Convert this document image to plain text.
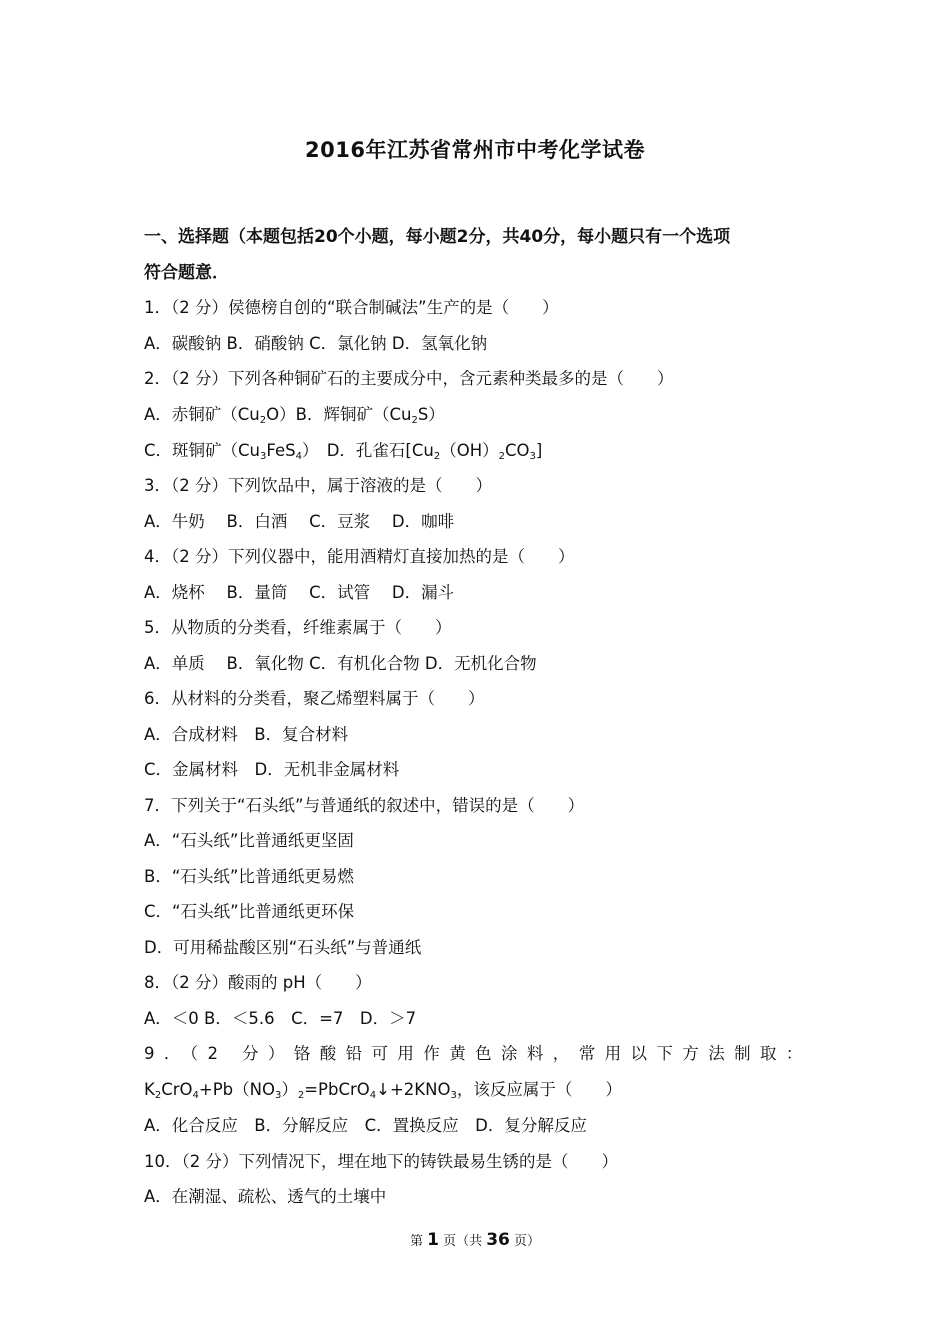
2016年江苏省常州市中考化学试卷
一、选择题（本题包括20个小题，每小题2分，共40分，每小题只有一个选项
符合题意．
1．（2 分）侯德榜自创的“联合制碱法”生产的是（　　）
A．碳酸钠 B．硝酸钠 C．氯化钠 D．氢氧化钠
2．（2 分）下列各种铜矿石的主要成分中，含元素种类最多的是（　　）
A．赤铜矿$(Cu_2O)B$．辉铜矿$(Cu_2S)$
C．斑铜矿$(Cu_3FeS_4)$　D．孔雀石$[Cu_2(OH)_2CO_3]$
3．（2 分）下列饮品中，属于溶液的是（　　）
A．牛奶　 B．白酒　 C．豆浆　 D．咖啡
4．（2 分）下列仪器中，能用酒精灯直接加热的是（　　）
A．烧杯　 B．量筒　 C．试管　 D．漏斗
5．从物质的分类看，纤维素属于（　　）
A．单质　 B．氧化物 C．有机化合物 D．无机化合物
6．从材料的分类看，聚乙烯塑料属于（　　）
A．合成材料　B．复合材料
C．金属材料　D．无机非金属材料
7．下列关于“石头纸”与普通纸的叙述中，错误的是（　　）
A．“石头纸”比普通纸更坚固
B．“石头纸”比普通纸更易燃
C．“石头纸”比普通纸更环保
D．可用稀盐酸区别“石头纸”与普通纸
8．（2 分）酸雨的 pH（　　）
A．＜0 B．＜5.6　C．=7　D．＞7
9．（2 分）铬酸铅可用作黄色涂料，常用以下方法制取：
$K_2CrO_4+Pb(NO_3)_2=PbCrO_4↓+2KNO_3$，该反应属于（　　）
A．化合反应　B．分解反应　C．置换反应　D．复分解反应
10．（2 分）下列情况下，埋在地下的铸铁最易生锈的是（　　）
A．在潮湿、疏松、透气的土壤中
第 1 页（共 36 页）
